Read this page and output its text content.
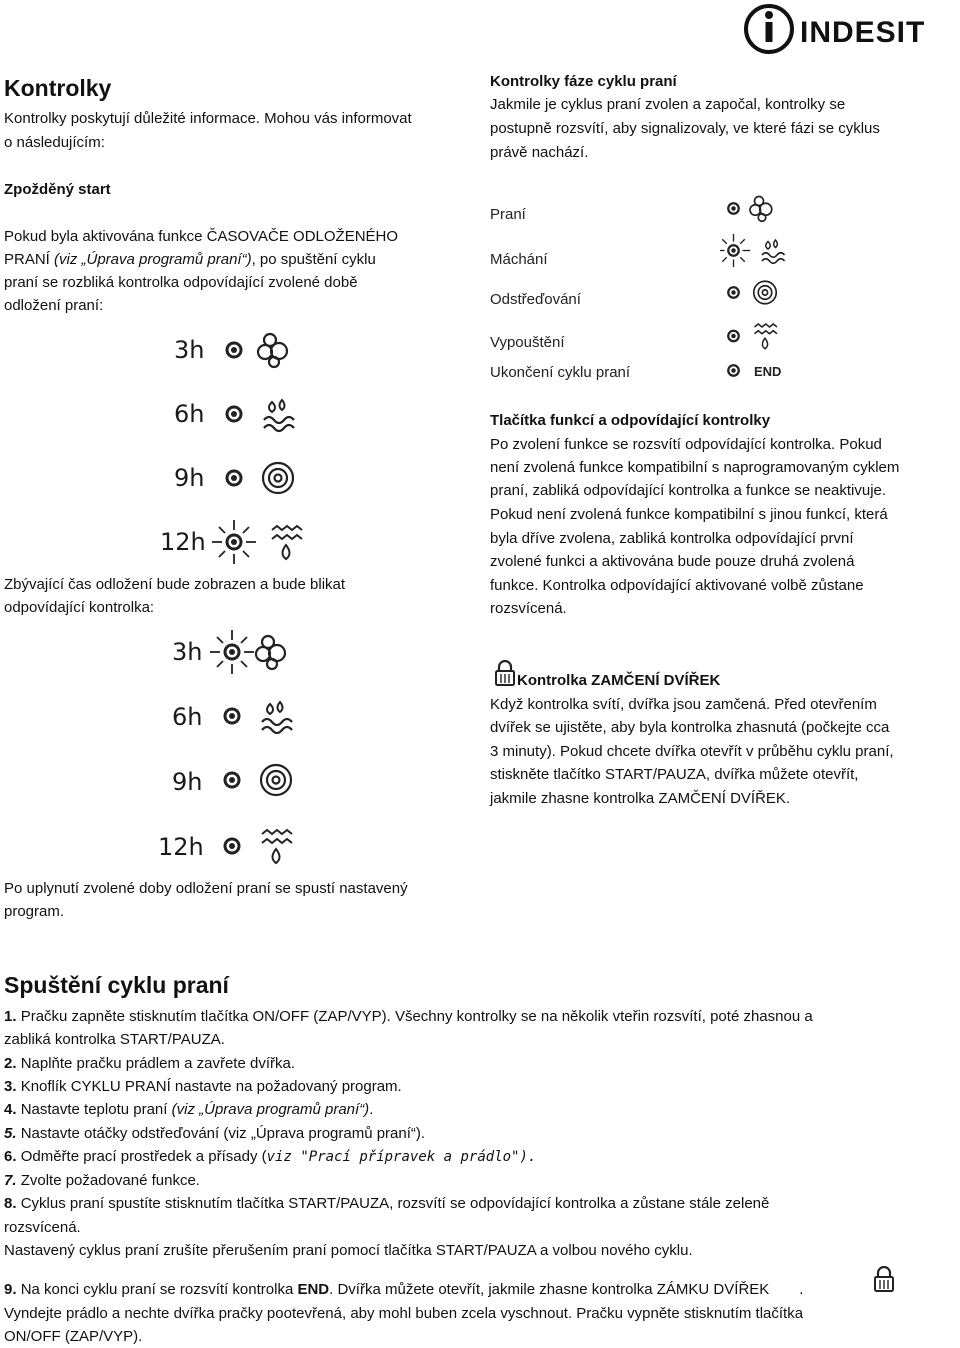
INDESIT
Kontrolky

Kontrolky poskytují důležité informace. Mohou vás informovat

o následujícím:

Zpožděný start

Pokud byla aktivována funkce ČASOVAČE ODLOŽENÉHO

PRANÍ (viz „Úprava programů praní“), po spuštění cyklu

praní se rozbliká kontrolka odpovídající zvolené době

odložení praní:

3h
6h
9h
12h

Zbývající čas odložení bude zobrazen a bude blikat

odpovídající kontrolka:

3h
6h
9h
12h

Po uplynutí zvolené doby odložení praní se spustí nastavený

program.

Kontrolky fáze cyklu praní

Jakmile je cyklus praní zvolen a započal, kontrolky se

postupně rozsvítí, aby signalizovaly, ve které fázi se cyklus

právě nachází.

Praní
Máchání
Odstřeďování
Vypouštění
Ukončení cyklu praní	END

Tlačítka funkcí a odpovídající kontrolky

Po zvolení funkce se rozsvítí odpovídající kontrolka. Pokud

není zvolená funkce kompatibilní s naprogramovaným cyklem

praní, zabliká odpovídající kontrolka a funkce se neaktivuje.

Pokud není zvolená funkce kompatibilní s jinou funkcí, která

byla dříve zvolena, zabliká kontrolka odpovídající první

zvolené funkci a aktivována bude pouze druhá zvolená

funkce. Kontrolka odpovídající aktivované volbě zůstane

rozsvícená.

Kontrolka ZAMČENÍ DVÍŘEK

Když kontrolka svítí, dvířka jsou zamčená. Před otevřením

dvířek se ujistěte, aby byla kontrolka zhasnutá (počkejte cca

3 minuty). Pokud chcete dvířka otevřít v průběhu cyklu praní,

stiskněte tlačítko START/PAUZA, dvířka můžete otevřít,

jakmile zhasne kontrolka ZAMČENÍ DVÍŘEK.

Spuštění cyklu praní

1. Pračku zapněte stisknutím tlačítka ON/OFF (ZAP/VYP). Všechny kontrolky se na několik vteřin rozsvítí, poté zhasnou a

zabliká kontrolka START/PAUZA.

2. Naplňte pračku prádlem a zavřete dvířka.

3. Knoflík CYKLU PRANÍ nastavte na požadovaný program.

4. Nastavte teplotu praní (viz „Úprava programů praní“).

5. Nastavte otáčky odstřeďování (viz „Úprava programů praní“).

6. Odměřte prací prostředek a přísady (viz "Prací přípravek a prádlo").

7. Zvolte požadované funkce.

8. Cyklus praní spustíte stisknutím tlačítka START/PAUZA, rozsvítí se odpovídající kontrolka a zůstane stále zeleně

rozsvícená.

Nastavený cyklus praní zrušíte přerušením praní pomocí tlačítka START/PAUZA a volbou nového cyklu.

9. Na konci cyklu praní se rozsvítí kontrolka END. Dvířka můžete otevřít, jakmile zhasne kontrolka ZÁMKU DVÍŘEK .

Vyndejte prádlo a nechte dvířka pračky pootevřená, aby mohl buben zcela vyschnout. Pračku vypněte stisknutím tlačítka

ON/OFF (ZAP/VYP).
